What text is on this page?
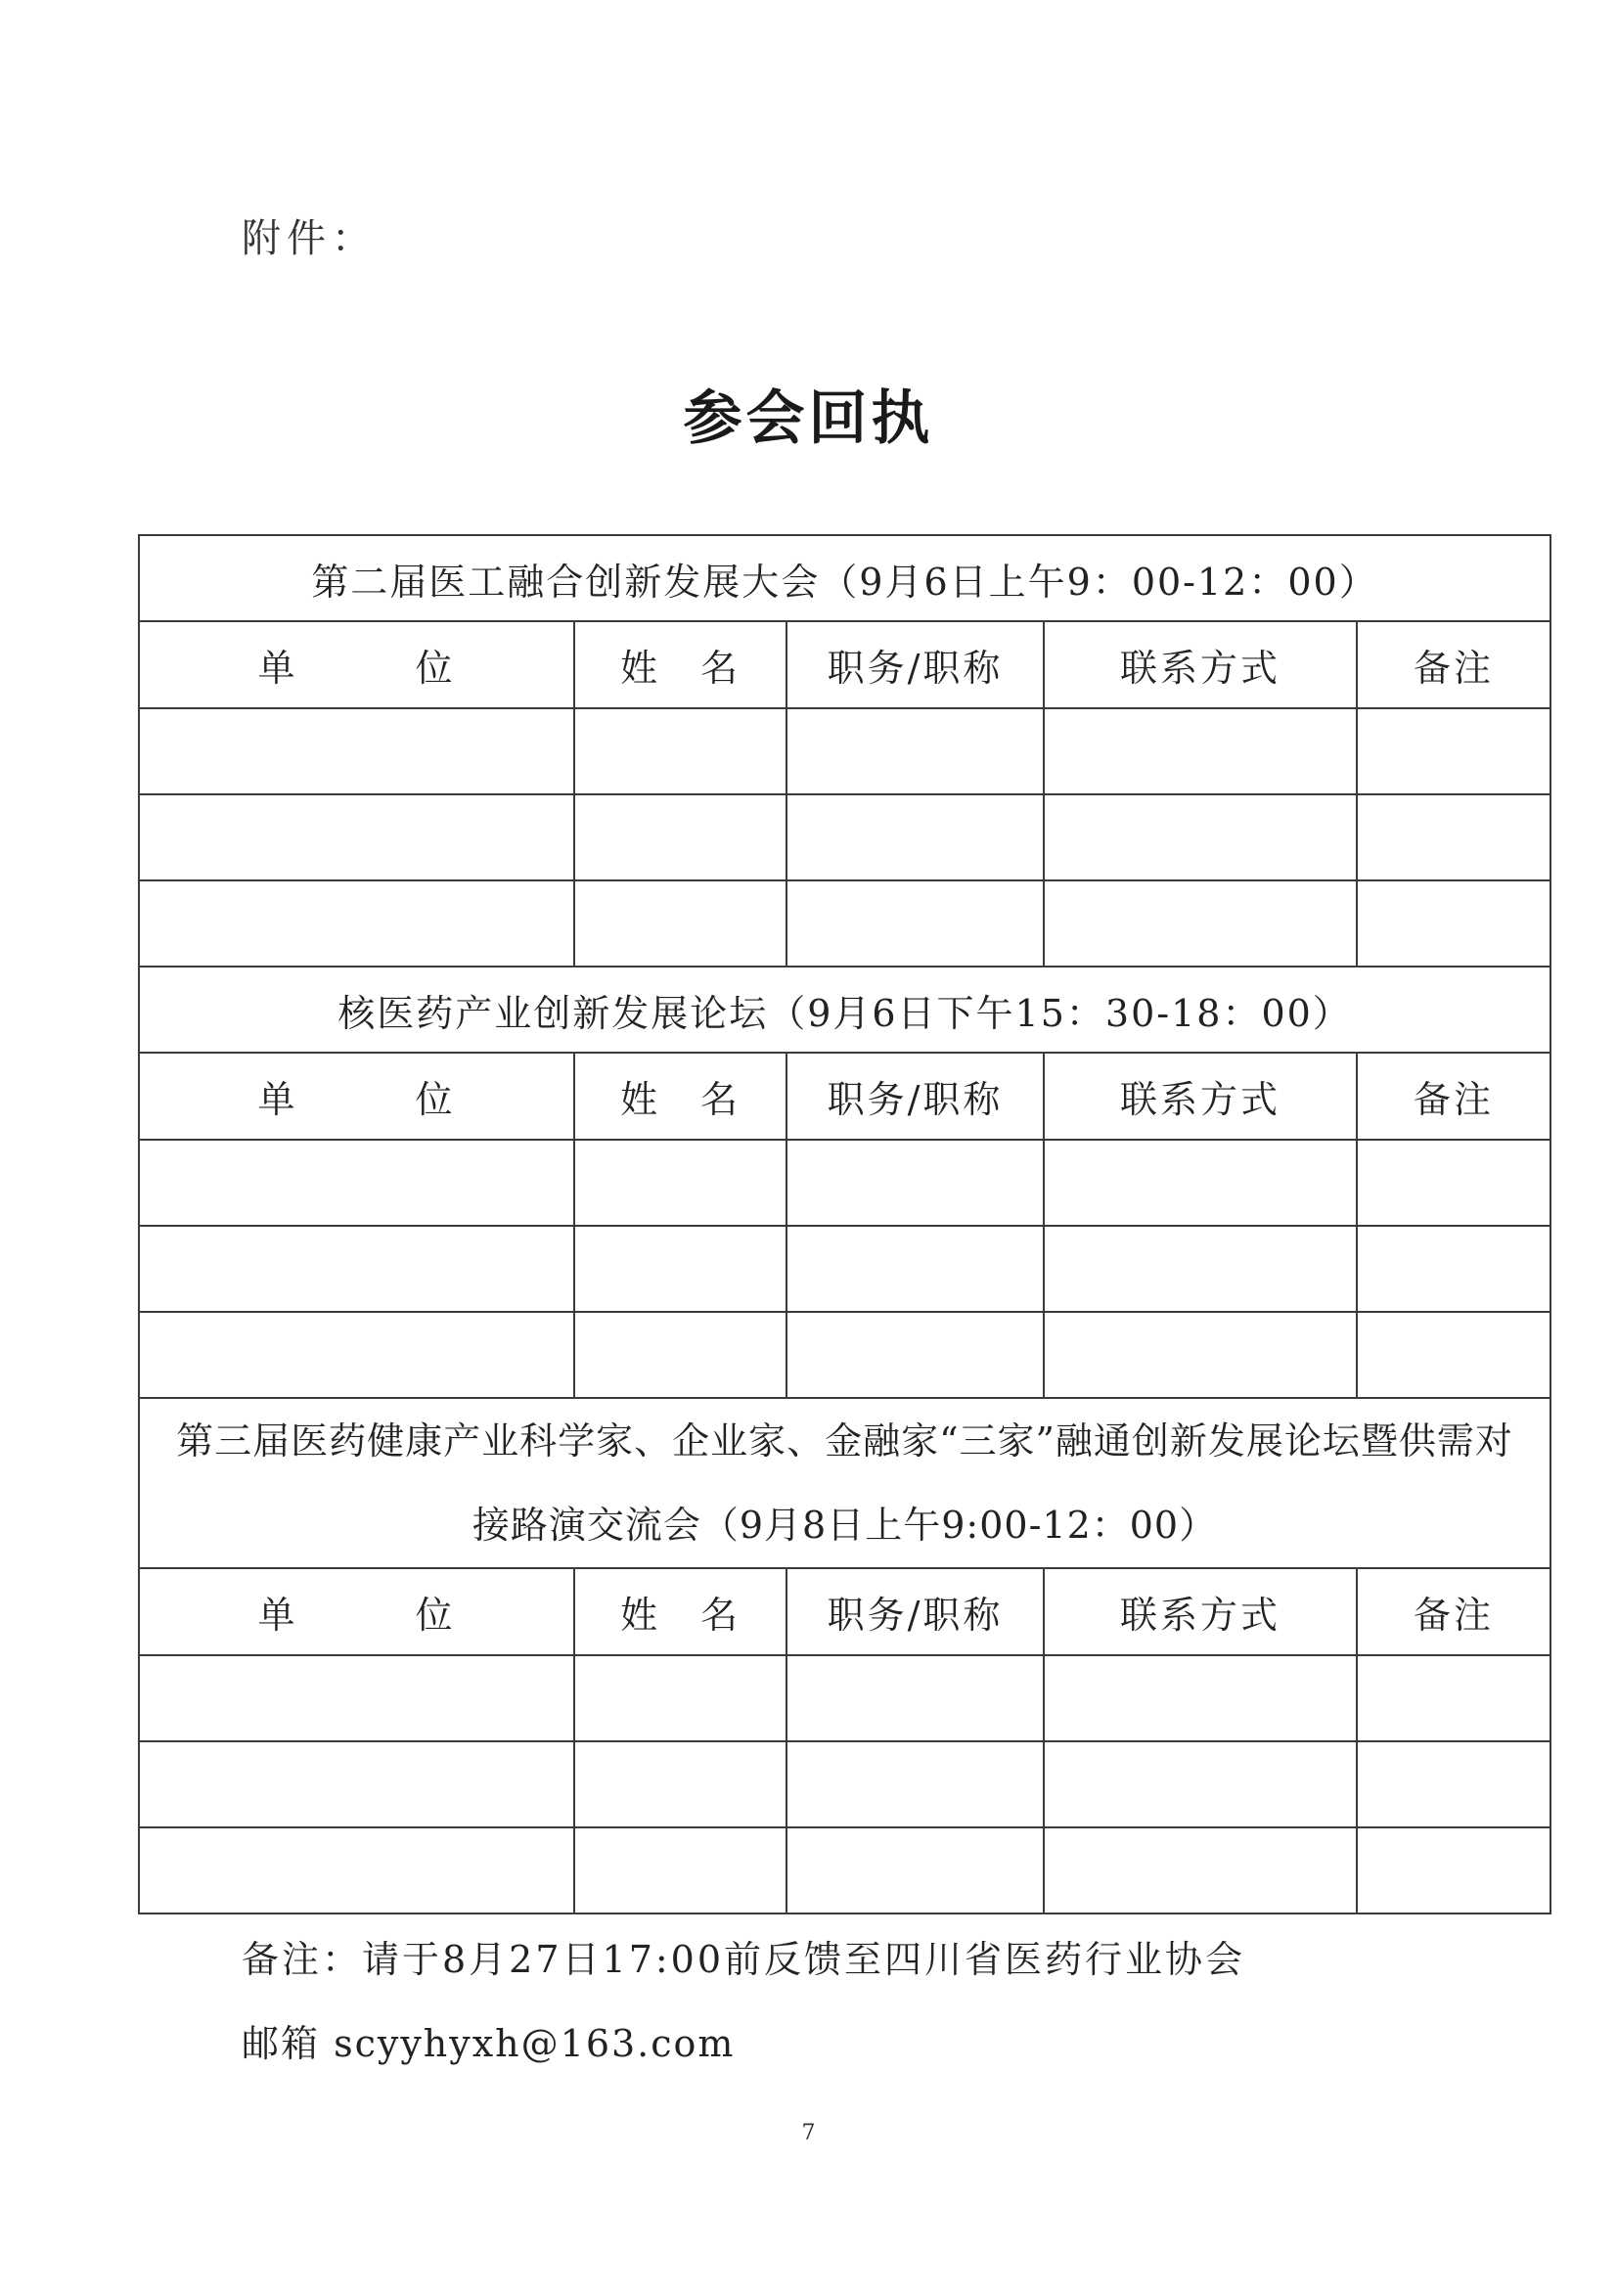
附件：
参会回执
第二届医工融合创新发展大会（9月6日上午9：00-12：00）				
单 位	姓　名	职务/职称	联系方式	备注

核医药产业创新发展论坛（9月6日下午15：30-18：00）				
单 位	姓　名	职务/职称	联系方式	备注

第三届医药健康产业科学家、企业家、金融家“三家”融通创新发展论坛暨供需对
接路演交流会（9月8日上午9:00-12：00）				

单 位	姓　名	职务/职称	联系方式	备注

备注：请于8月27日17:00前反馈至四川省医药行业协会
邮箱 scyyhyxh@163.com
7
